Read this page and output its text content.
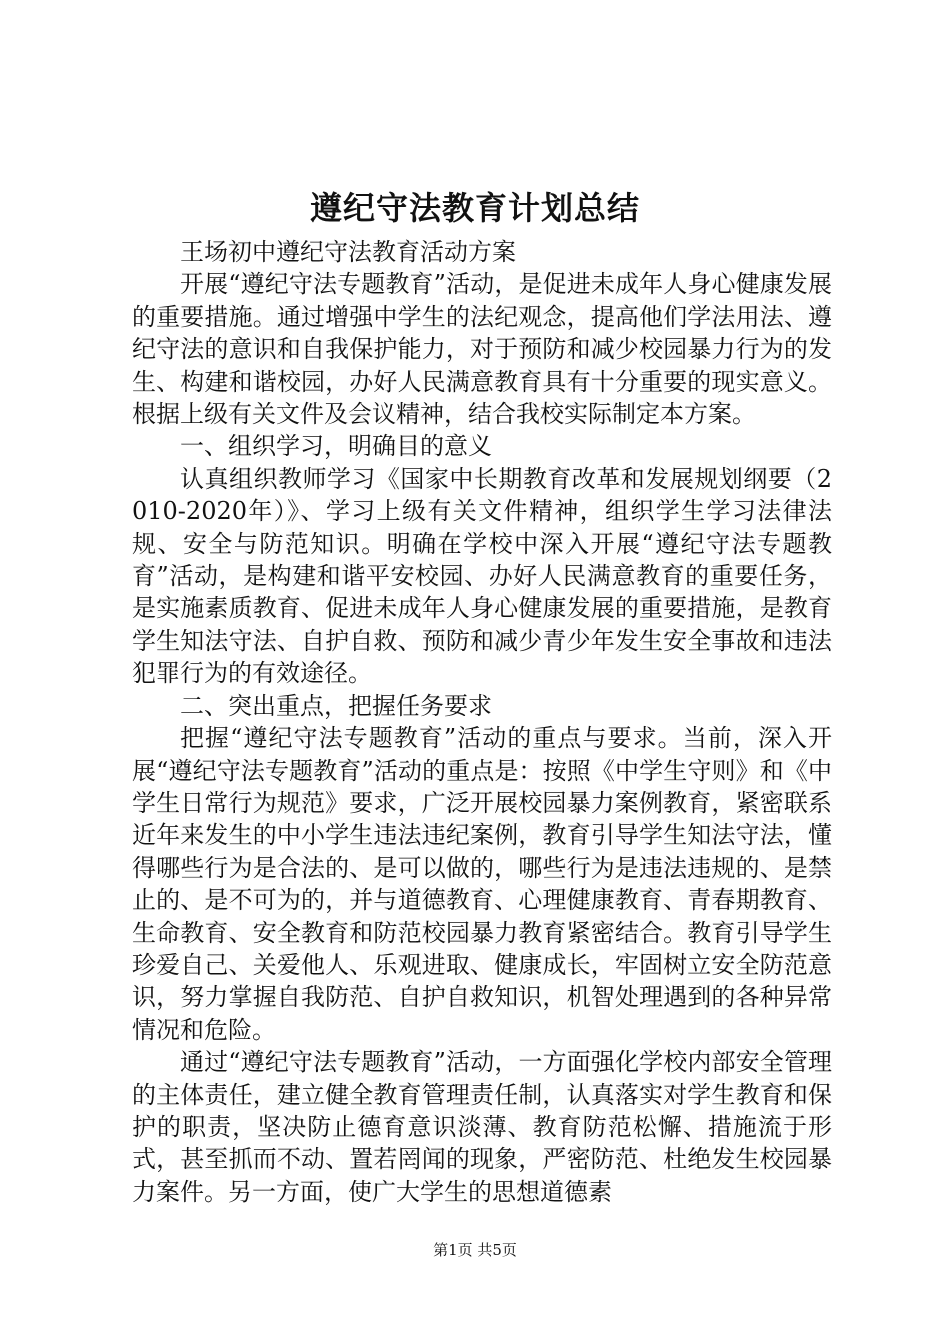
遵纪守法教育计划总结

王场初中遵纪守法教育活动方案

开展“遵纪守法专题教育”活动，是促进未成年人身心健康发展的重要措施。通过增强中学生的法纪观念，提高他们学法用法、遵纪守法的意识和自我保护能力，对于预防和减少校园暴力行为的发生、构建和谐校园，办好人民满意教育具有十分重要的现实意义。根据上级有关文件及会议精神，结合我校实际制定本方案。

一、组织学习，明确目的意义

认真组织教师学习《国家中长期教育改革和发展规划纲要（2010-2020年）》、学习上级有关文件精神，组织学生学习法律法规、安全与防范知识。明确在学校中深入开展“遵纪守法专题教育”活动，是构建和谐平安校园、办好人民满意教育的重要任务，是实施素质教育、促进未成年人身心健康发展的重要措施，是教育学生知法守法、自护自救、预防和减少青少年发生安全事故和违法犯罪行为的有效途径。

二、突出重点，把握任务要求

把握“遵纪守法专题教育”活动的重点与要求。当前，深入开展“遵纪守法专题教育”活动的重点是：按照《中学生守则》和《中学生日常行为规范》要求，广泛开展校园暴力案例教育，紧密联系近年来发生的中小学生违法违纪案例，教育引导学生知法守法，懂得哪些行为是合法的、是可以做的，哪些行为是违法违规的、是禁止的、是不可为的，并与道德教育、心理健康教育、青春期教育、生命教育、安全教育和防范校园暴力教育紧密结合。教育引导学生珍爱自己、关爱他人、乐观进取、健康成长，牢固树立安全防范意识，努力掌握自我防范、自护自救知识，机智处理遇到的各种异常情况和危险。

通过“遵纪守法专题教育”活动，一方面强化学校内部安全管理的主体责任，建立健全教育管理责任制，认真落实对学生教育和保护的职责，坚决防止德育意识淡薄、教育防范松懈、措施流于形式，甚至抓而不动、置若罔闻的现象，严密防范、杜绝发生校园暴力案件。另一方面，使广大学生的思想道德素

第1页 共5页
